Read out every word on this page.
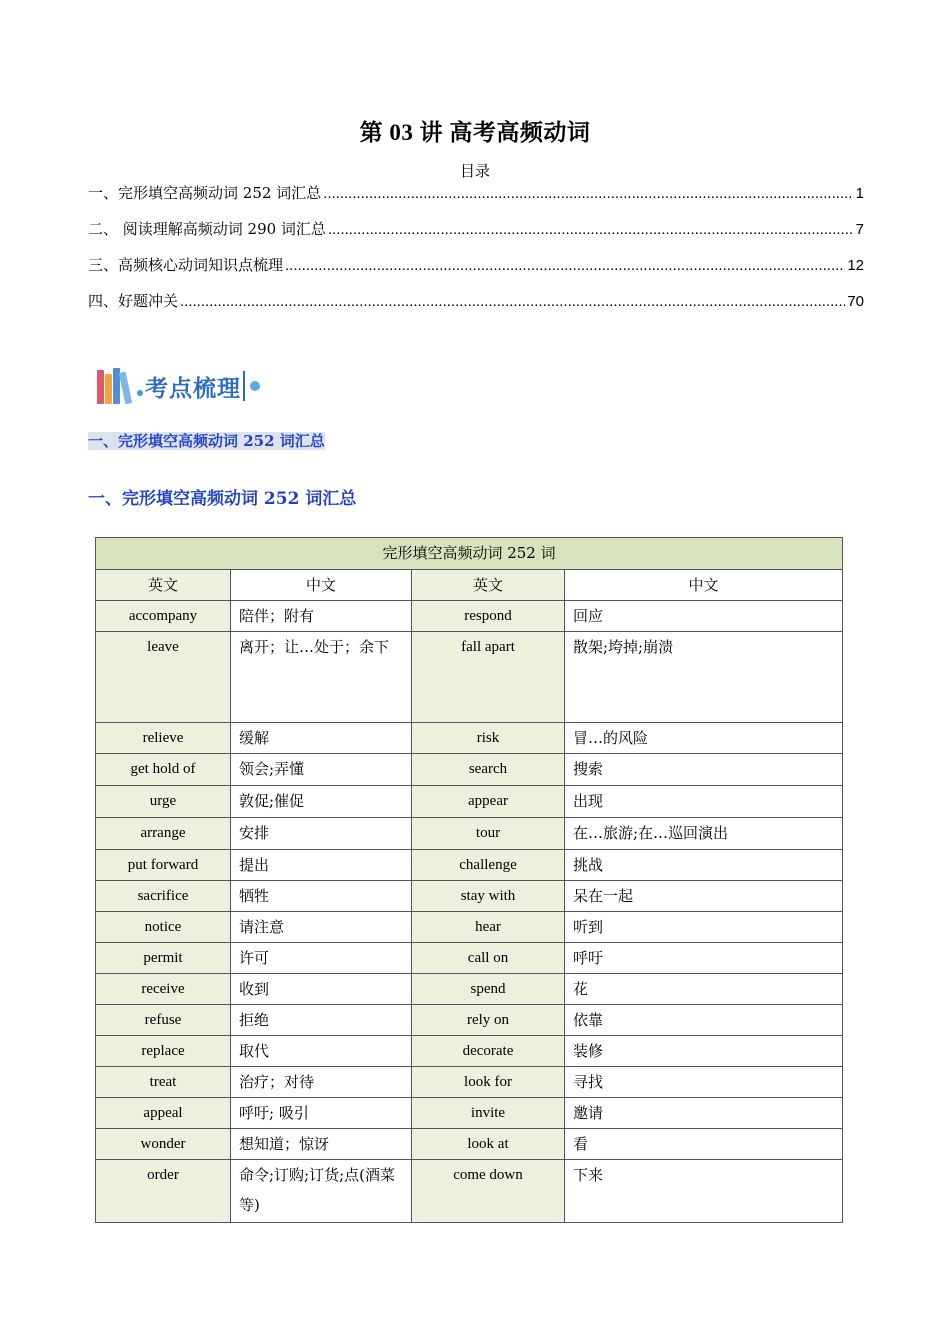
第 03 讲 高考高频动词
目录
一、完形填空高频动词 252 词汇总 .....	1
二、 阅读理解高频动词 290 词汇总 .....	7
三、高频核心动词知识点梳理 .....	12
四、好题冲关 .....	70
考点梳理
一、完形填空高频动词 252 词汇总
一、完形填空高频动词 252 词汇总
完形填空高频动词 252 词			
英文	中文	英文	中文
accompany	陪伴；附有	respond	回应
leave	离开；让…处于；余下	fall apart	散架;垮掉;崩溃
relieve	缓解	risk	冒…的风险
get hold of	领会;弄懂	search	搜索
urge	敦促;催促	appear	出现
arrange	安排	tour	在…旅游;在…巡回演出
put forward	提出	challenge	挑战
sacrifice	牺牲	stay with	呆在一起
notice	请注意	hear	听到
permit	许可	call on	呼吁
receive	收到	spend	花
refuse	拒绝	rely on	依靠
replace	取代	decorate	装修
treat	治疗；对待	look for	寻找
appeal	呼吁; 吸引	invite	邀请
wonder	想知道；惊讶	look at	看
order	命令;订购;订货;点(酒菜等)	come down	下来
